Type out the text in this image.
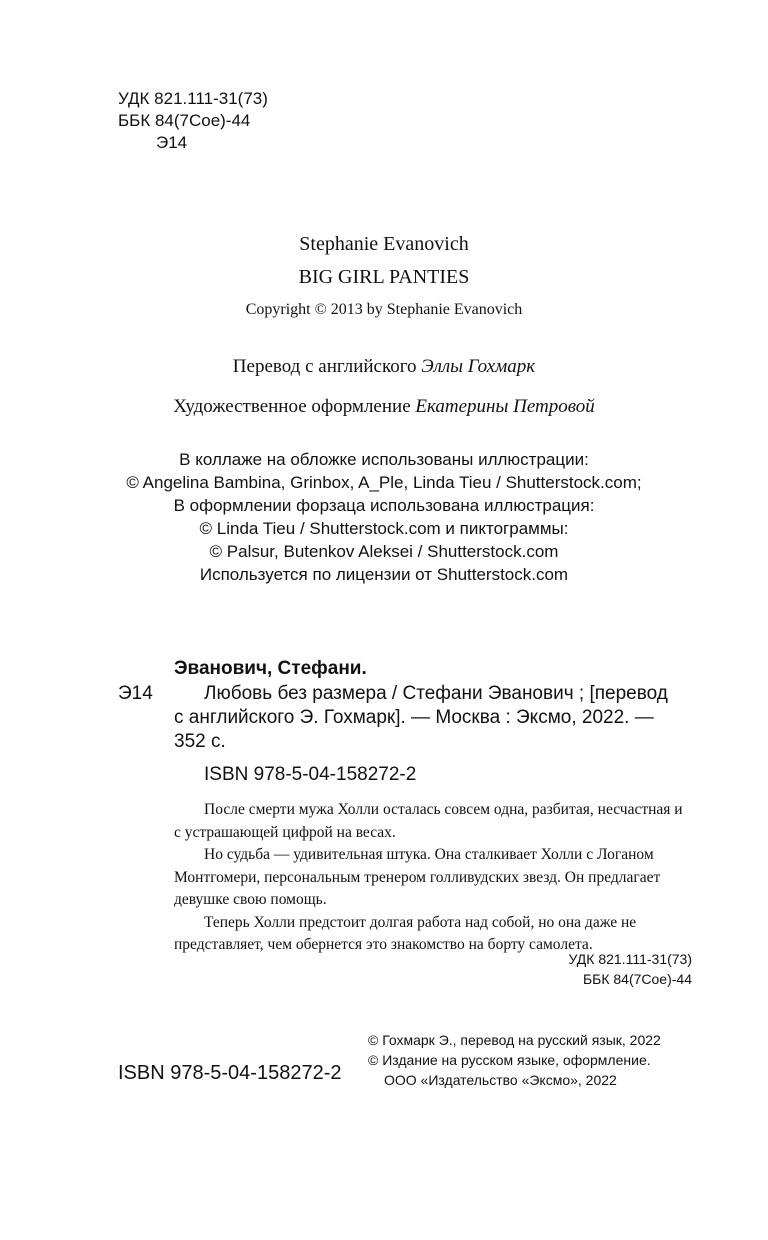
УДК 821.111-31(73)
ББК 84(7Сое)-44
Э14
Stephanie Evanovich
BIG GIRL PANTIES
Copyright © 2013 by Stephanie Evanovich
Перевод с английского Эллы Гохмарк
Художественное оформление Екатерины Петровой
В коллаже на обложке использованы иллюстрации:
© Angelina Bambina, Grinbox, A_Ple, Linda Tieu / Shutterstock.com;
В оформлении форзаца использована иллюстрация:
© Linda Tieu / Shutterstock.com и пиктограммы:
© Palsur, Butenkov Aleksei / Shutterstock.com
Используется по лицензии от Shutterstock.com
Эванович, Стефани.
Э14	Любовь без размера / Стефани Эванович ; [перевод
с английского Э. Гохмарк]. — Москва : Эксмо, 2022. —
352 с.
ISBN 978-5-04-158272-2

После смерти мужа Холли осталась совсем одна, разбитая, несчастная и с устрашающей цифрой на весах.

Но судьба — удивительная штука. Она сталкивает Холли с Логаном Монтгомери, персональным тренером голливудских звезд. Он предлагает девушке свою помощь.

Теперь Холли предстоит долгая работа над собой, но она даже не представляет, чем обернется это знакомство на борту самолета.

УДК 821.111-31(73)
ББК 84(7Сое)-44
ISBN 978-5-04-158272-2
© Гохмарк Э., перевод на русский язык, 2022
© Издание на русском языке, оформление.
ООО «Издательство «Эксмо», 2022
